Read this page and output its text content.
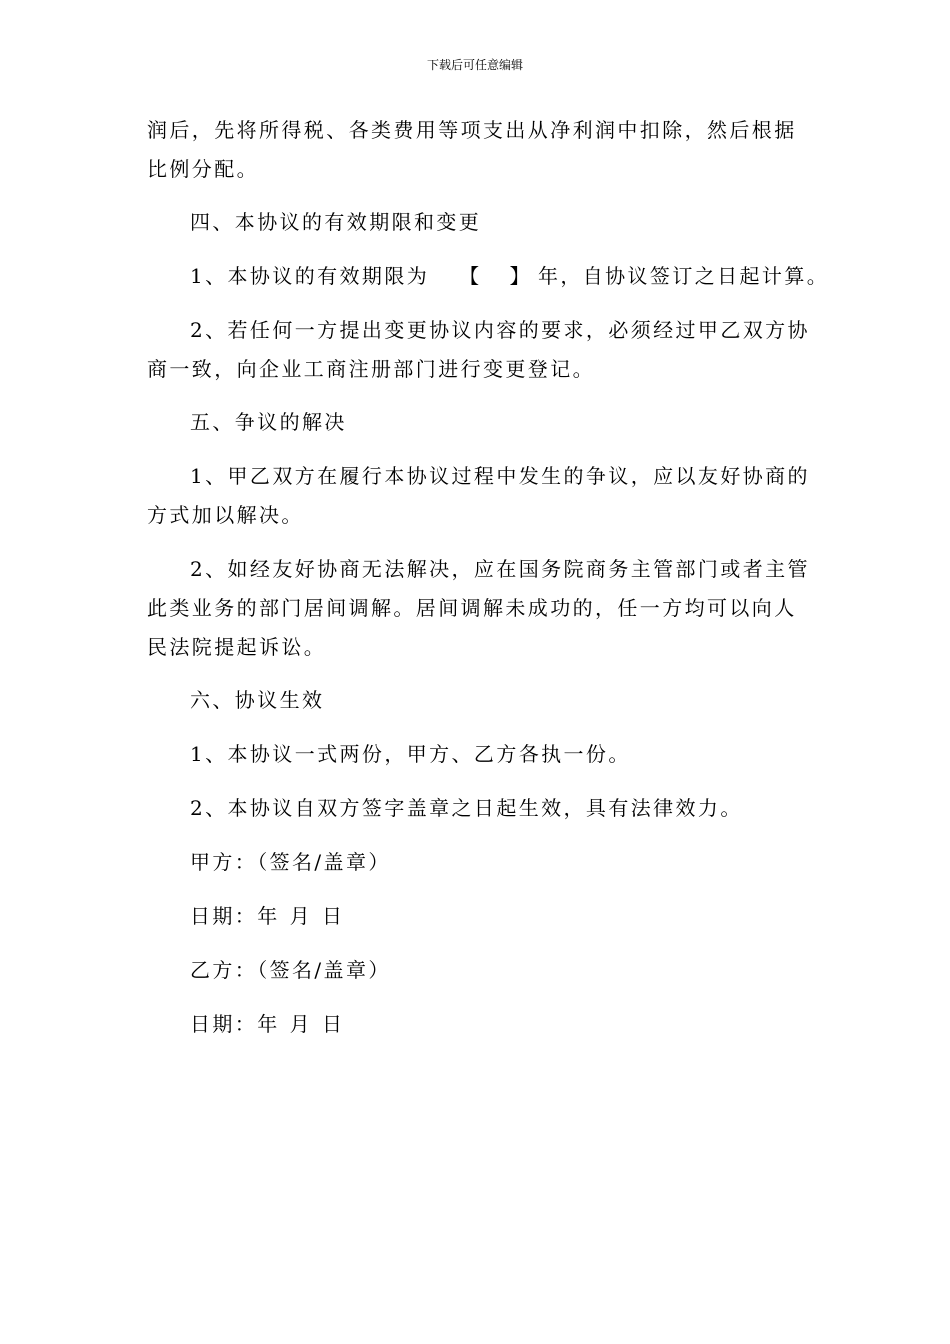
下载后可任意编辑
润后，先将所得税、各类费用等项支出从净利润中扣除，然后根据
比例分配。
四、本协议的有效期限和变更
1、本协议的有效期限为 【 】 年，自协议签订之日起计算。
2、若任何一方提出变更协议内容的要求，必须经过甲乙双方协
商一致，向企业工商注册部门进行变更登记。
五、争议的解决
1、甲乙双方在履行本协议过程中发生的争议，应以友好协商的
方式加以解决。
2、如经友好协商无法解决，应在国务院商务主管部门或者主管
此类业务的部门居间调解。居间调解未成功的，任一方均可以向人
民法院提起诉讼。
六、协议生效
1、本协议一式两份，甲方、乙方各执一份。
2、本协议自双方签字盖章之日起生效，具有法律效力。
甲方：（签名/盖章）
日期：年 月 日
乙方：（签名/盖章）
日期：年 月 日
